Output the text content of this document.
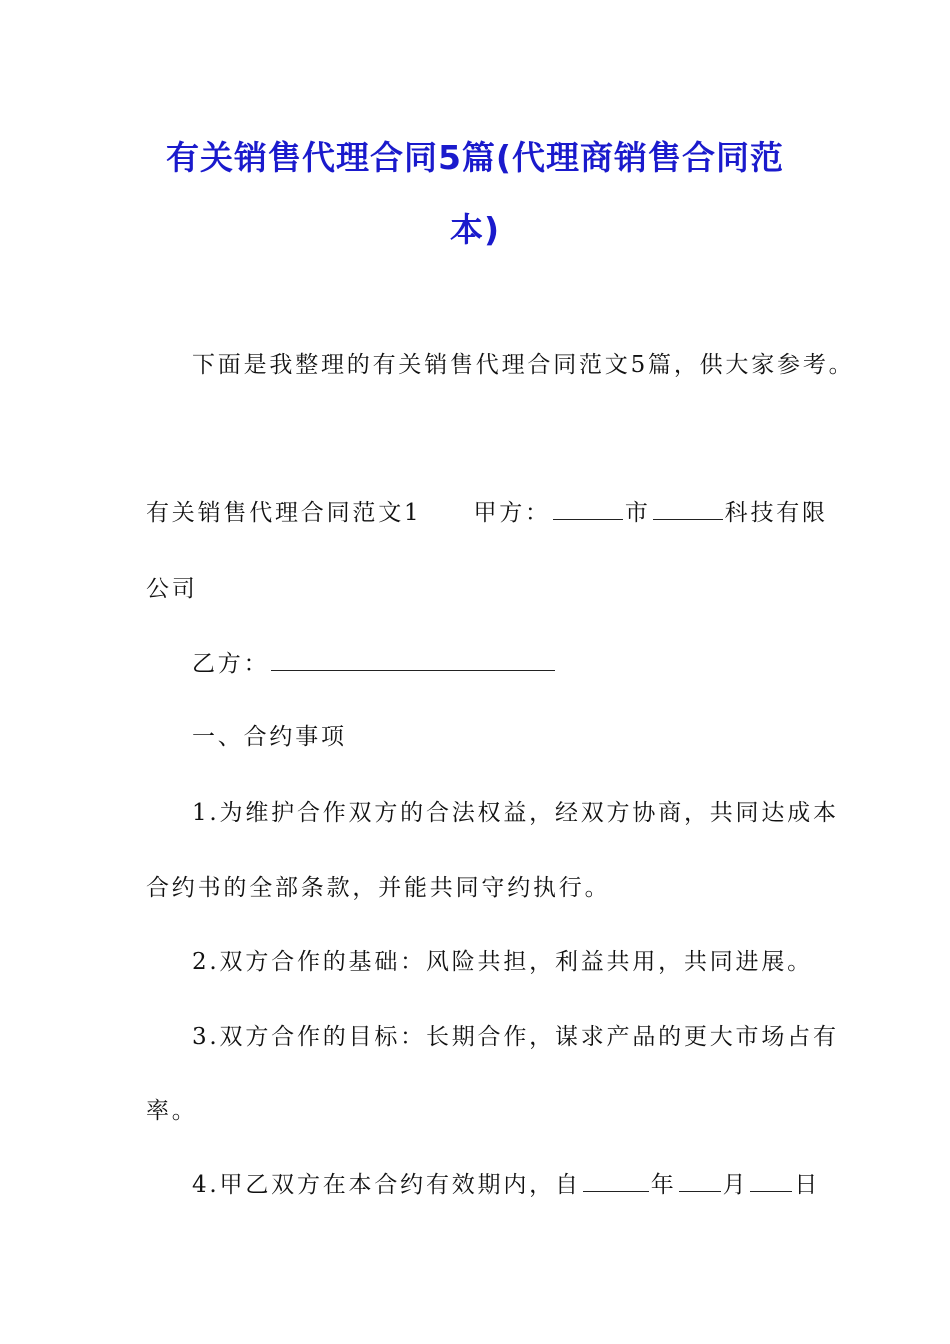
有关销售代理合同5篇(代理商销售合同范
本)
下面是我整理的有关销售代理合同范文5篇，供大家参考。
有关销售代理合同范文1 甲方：	市	科技有限
公司
乙方：
一、合约事项
1.为维护合作双方的合法权益，经双方协商，共同达成本
合约书的全部条款，并能共同守约执行。
2.双方合作的基础：风险共担，利益共用，共同进展。
3.双方合作的目标：长期合作，谋求产品的更大市场占有
率。
4.甲乙双方在本合约有效期内，自	年 月 日
